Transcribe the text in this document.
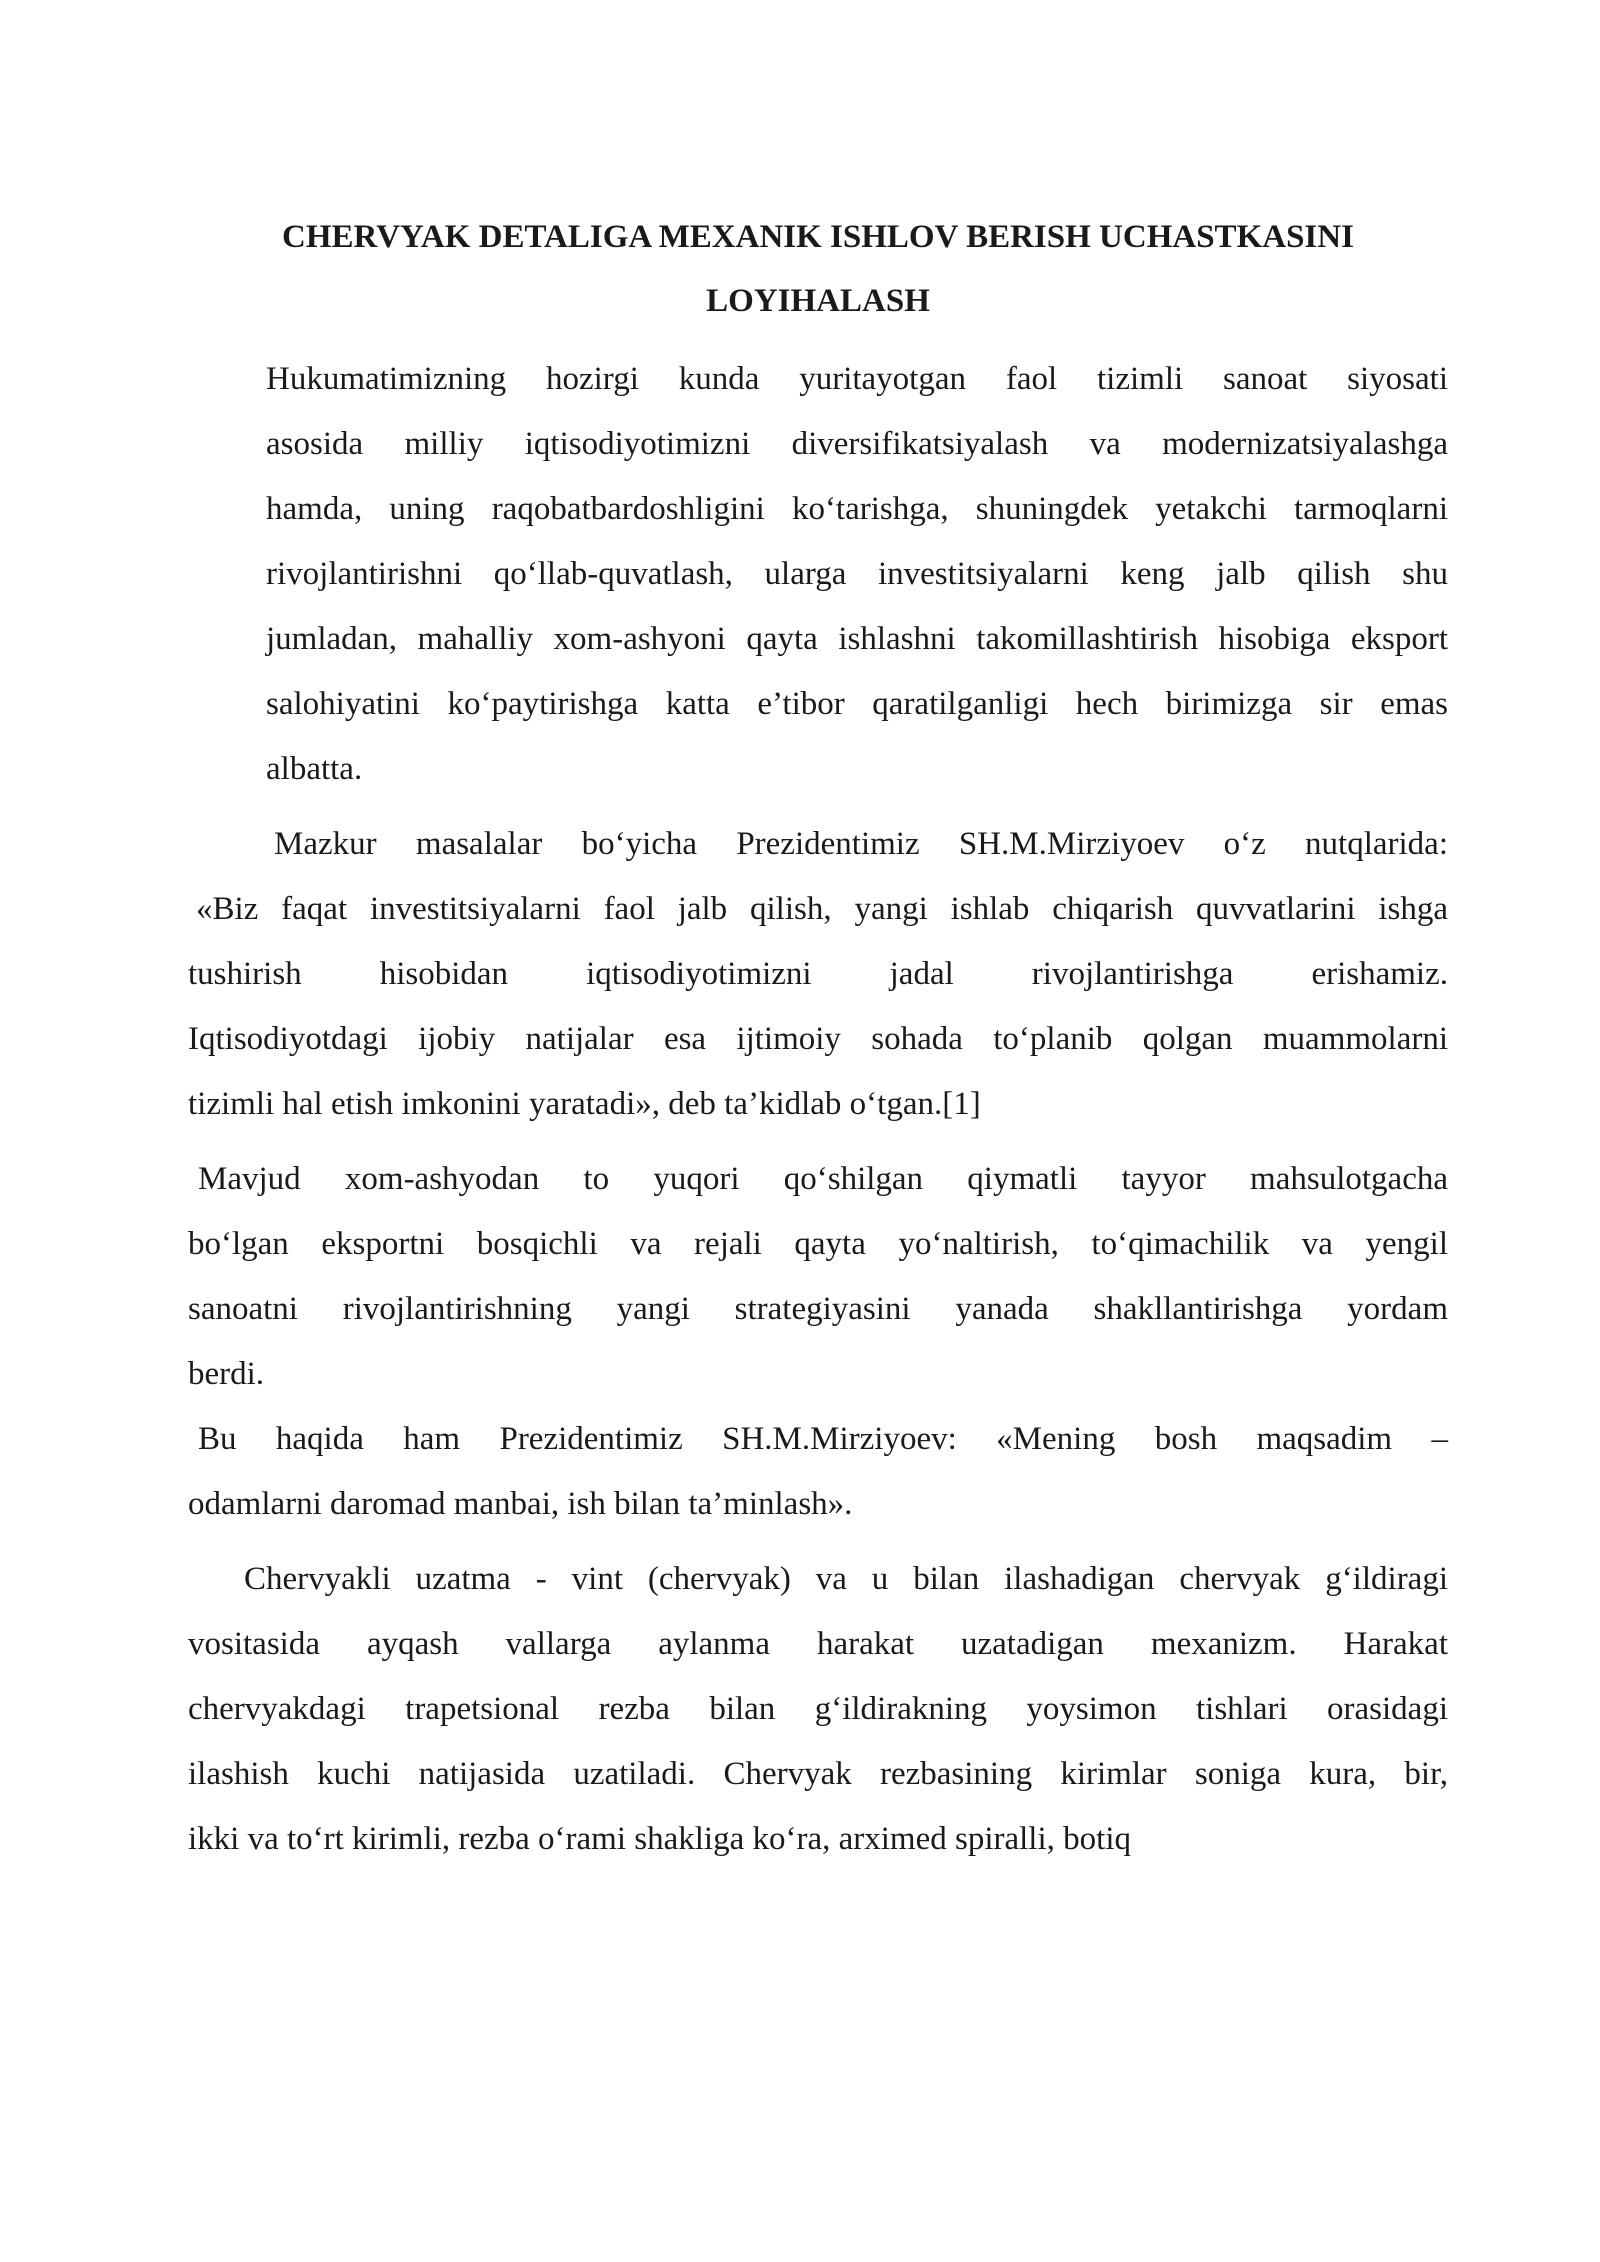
CHERVYAK DETALIGA MEXANIK ISHLOV BERISH UCHASTKASINI
LOYIHALASH

Hukumatimizning hozirgi kunda yuritayotgan faol tizimli sanoat siyosati
asosida milliy iqtisodiyotimizni diversifikatsiyalash va modernizatsiyalashga
hamda, uning raqobatbardoshligini ko‘tarishga, shuningdek yetakchi tarmoqlarni
rivojlantirishni qo‘llab-quvatlash, ularga investitsiyalarni keng jalb qilish shu
jumladan, mahalliy xom-ashyoni qayta ishlashni takomillashtirish hisobiga eksport
salohiyatini ko‘paytirishga katta e’tibor qaratilganligi hech birimizga sir emas
albatta.

Mazkur masalalar bo‘yicha Prezidentimiz SH.M.Mirziyoev o‘z nutqlarida:
«Biz faqat investitsiyalarni faol jalb qilish, yangi ishlab chiqarish quvvatlarini ishga
tushirish hisobidan iqtisodiyotimizni jadal rivojlantirishga erishamiz.
Iqtisodiyotdagi ijobiy natijalar esa ijtimoiy sohada to‘planib qolgan muammolarni
tizimli hal etish imkonini yaratadi», deb ta’kidlab o‘tgan.[1]

Mavjud xom-ashyodan to yuqori qo‘shilgan qiymatli tayyor mahsulotgacha
bo‘lgan eksportni bosqichli va rejali qayta yo‘naltirish, to‘qimachilik va yengil
sanoatni rivojlantirishning yangi strategiyasini yanada shakllantirishga yordam
berdi.

Bu haqida ham Prezidentimiz SH.M.Mirziyoev: «Mening bosh maqsadim –
odamlarni daromad manbai, ish bilan ta’minlash».

Chervyakli uzatma - vint (chervyak) va u bilan ilashadigan chervyak g‘ildiragi
vositasida ayqash vallarga aylanma harakat uzatadigan mexanizm. Harakat
chervyakdagi trapetsional rezba bilan g‘ildirakning yoysimon tishlari orasidagi
ilashish kuchi natijasida uzatiladi. Chervyak rezbasining kirimlar soniga kura, bir,
ikki va to‘rt kirimli, rezba o‘rami shakliga ko‘ra, arximed spiralli, botiq
